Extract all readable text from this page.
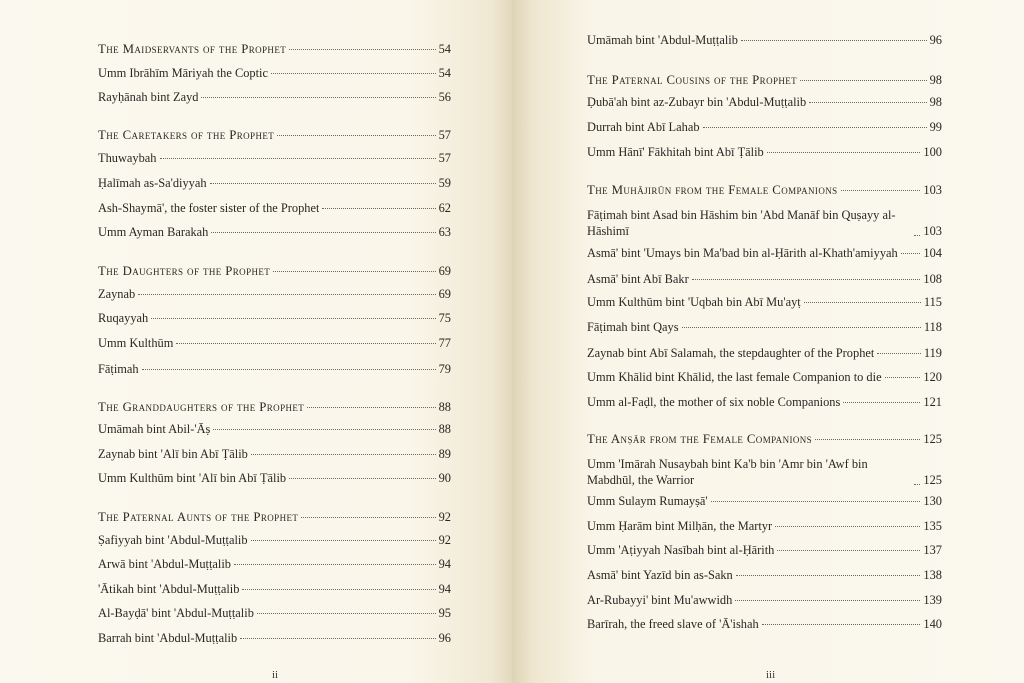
The Maidservants of the Prophet	54
Umm Ibrāhīm Māriyah the Coptic	54
Rayḥānah bint Zayd	56
The Caretakers of the Prophet	57
Thuwaybah	57
Ḥalīmah as-Sa'diyyah	59
Ash-Shaymā', the foster sister of the Prophet	62
Umm Ayman Barakah	63
The Daughters of the Prophet	69
Zaynab	69
Ruqayyah	75
Umm Kulthūm	77
Fāṭimah	79
The Granddaughters of the Prophet	88
Umāmah bint Abil-'Āṣ	88
Zaynab bint 'Alī bin Abī Ṭālib	89
Umm Kulthūm bint 'Alī bin Abī Ṭālib	90
The Paternal Aunts of the Prophet	92
Ṣafiyyah bint 'Abdul-Muṭṭalib	92
Arwā bint 'Abdul-Muṭṭalib	94
'Ātikah bint 'Abdul-Muṭṭalib	94
Al-Bayḍā' bint 'Abdul-Muṭṭalib	95
Barrah bint 'Abdul-Muṭṭalib	96
ii
Umāmah bint 'Abdul-Muṭṭalib	96
The Paternal Cousins of the Prophet	98
Ḍubā'ah bint az-Zubayr bin 'Abdul-Muṭṭalib	98
Durrah bint Abī Lahab	99
Umm Hānī' Fākhitah bint Abī Ṭālib	100
The Muhājirūn from the Female Companions	103
Fāṭimah bint Asad bin Hāshim bin 'Abd Manāf bin Quṣayy al-Hāshimī	103
Asmā' bint 'Umays bin Ma'bad bin al-Ḥārith al-Khath'amiyyah 104
Asmā' bint Abī Bakr	108
Umm Kulthūm bint 'Uqbah bin Abī Mu'ayṭ	115
Fāṭimah bint Qays	118
Zaynab bint Abī Salamah, the stepdaughter of the Prophet	119
Umm Khālid bint Khālid, the last female Companion to die	120
Umm al-Faḍl, the mother of six noble Companions	121
The Anṣār from the Female Companions	125
Umm 'Imārah Nusaybah bint Ka'b bin 'Amr bin 'Awf bin Mabdhūl, the Warrior	125
Umm Sulaym Rumayṣā'	130
Umm Ḥarām bint Milḥān, the Martyr	135
Umm 'Aṭiyyah Nasībah bint al-Ḥārith	137
Asmā' bint Yazīd bin as-Sakn	138
Ar-Rubayyi' bint Mu'awwidh	139
Barīrah, the freed slave of 'Ā'ishah	140
iii
